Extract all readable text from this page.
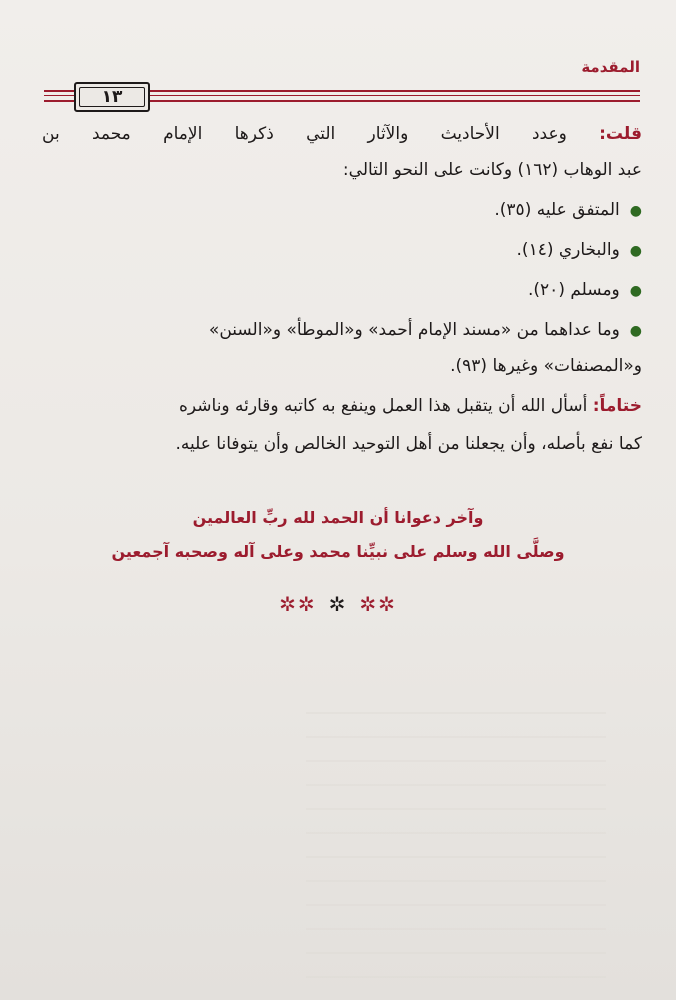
المقدمة
١٣
قلت: وعدد الأحاديث والآثار التي ذكرها الإمام محمد بن
عبد الوهاب (١٦٢) وكانت على النحو التالي:
●المتفق عليه (٣٥).
●والبخاري (١٤).
●ومسلم (٢٠).
●وما عداهما من «مسند الإمام أحمد» و«الموطأ» و«السنن»
و«المصنفات» وغيرها (٩٣).
ختاماً: أسأل الله أن يتقبل هذا العمل وينفع به كاتبه وقارئه وناشره
كما نفع بأصله، وأن يجعلنا من أهل التوحيد الخالص وأن يتوفانا عليه.
وآخر دعوانا أن الحمد لله ربِّ العالمين
وصلَّى الله وسلم على نبيِّنا محمد وعلى آله وصحبه آجمعين
✲✲ ✲ ✲✲
